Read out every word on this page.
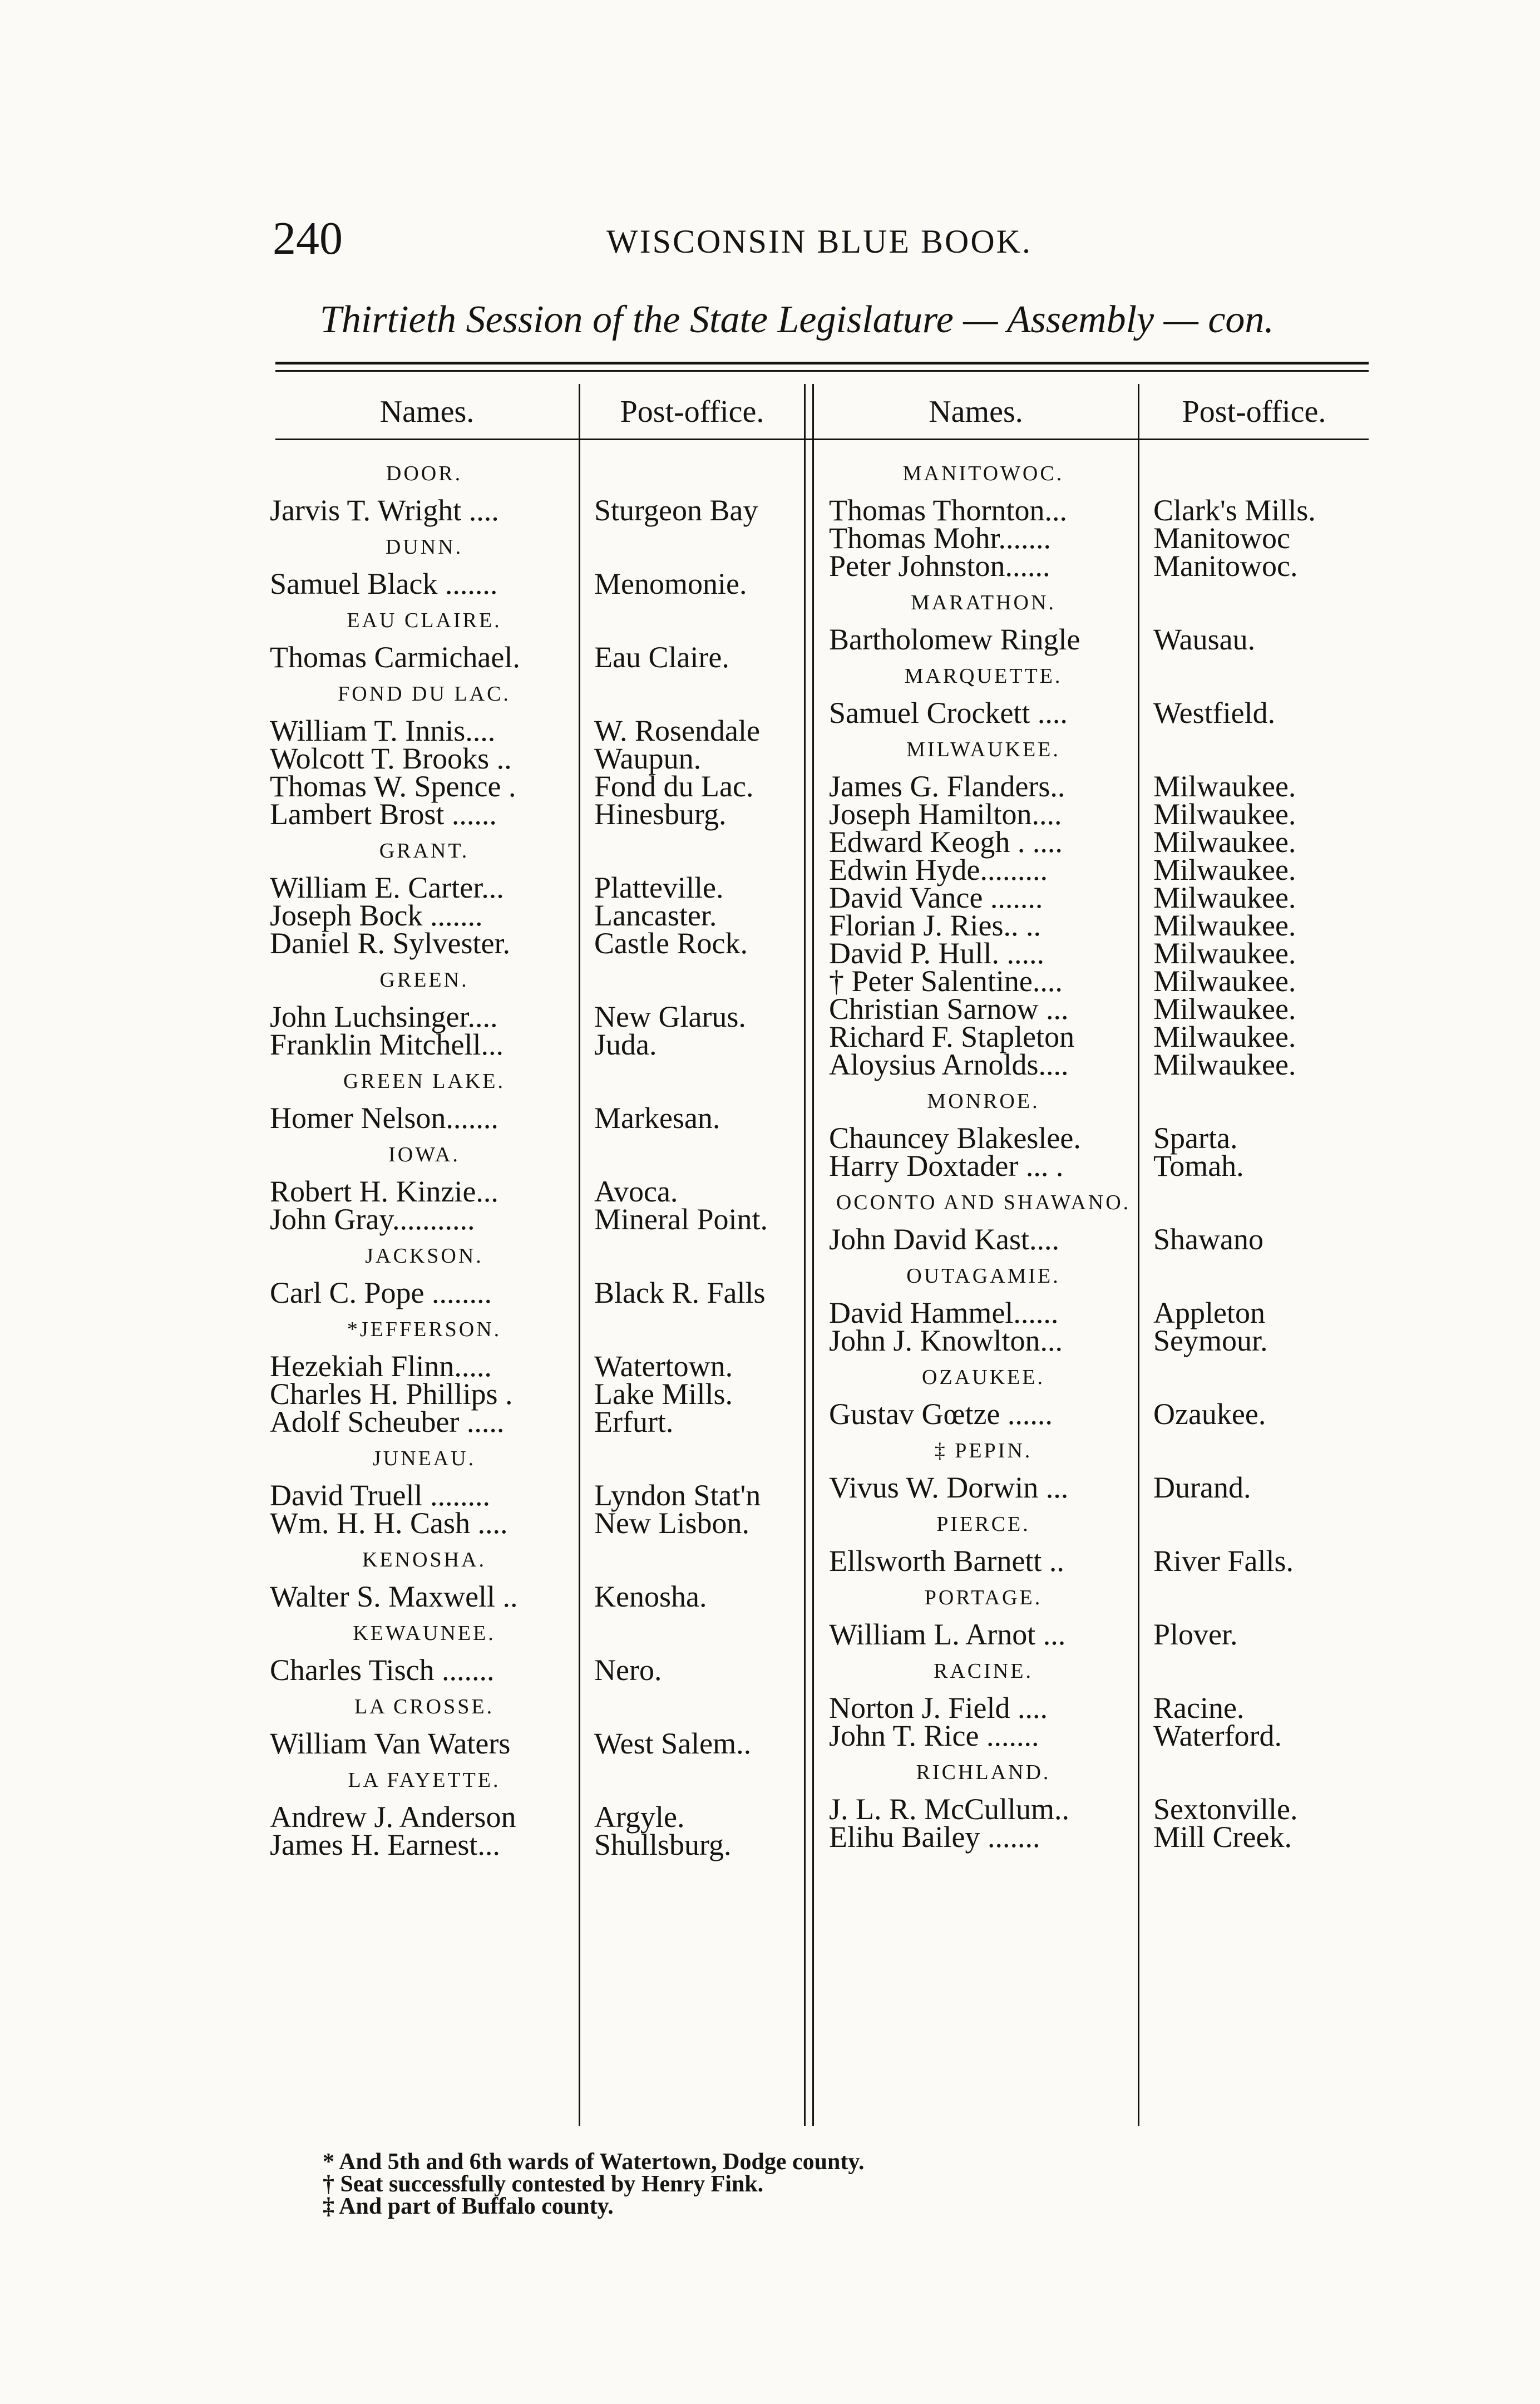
240	WISCONSIN BLUE BOOK.
Thirtieth Session of the State Legislature — Assembly — con.
Names.	Post-office.	Names.	Post-office.
DOOR.
Jarvis T. Wright ....	Sturgeon Bay
DUNN.
Samuel Black .......	Menomonie.
EAU CLAIRE.
Thomas Carmichael. Eau Claire.
FOND DU LAC.
William T. Innis....	W. Rosendale
Wolcott T. Brooks ..	Waupun.
Thomas W. Spence .	Fond du Lac.
Lambert Brost ......	Hinesburg.
GRANT.
William E. Carter...	Platteville.
Joseph Bock .......	Lancaster.
Daniel R. Sylvester.	Castle Rock.
GREEN.
John Luchsinger....	New Glarus.
Franklin Mitchell...	Juda.
GREEN LAKE.
Homer Nelson.......	Markesan.
IOWA.
Robert H. Kinzie...	Avoca.
John Gray...........	Mineral Point.
JACKSON.
Carl C. Pope ........	Black R. Falls
*JEFFERSON.
Hezekiah Flinn.....	Watertown.
Charles H. Phillips .	Lake Mills.
Adolf Scheuber .....	Erfurt.
JUNEAU.
David Truell ........	Lyndon Stat'n
Wm. H. H. Cash ....	New Lisbon.
KENOSHA.
Walter S. Maxwell ..	Kenosha.
KEWAUNEE.
Charles Tisch .......	Nero.
LA CROSSE.
William Van Waters	West Salem..
LA FAYETTE.
Andrew J. Anderson	Argyle.
James H. Earnest...	Shullsburg.
MANITOWOC.
Thomas Thornton...	Clark's Mills.
Thomas Mohr.......	Manitowoc
Peter Johnston......	Manitowoc.
MARATHON.
Bartholomew Ringle Wausau.
MARQUETTE.
Samuel Crockett ....	Westfield.
MILWAUKEE.
James G. Flanders..	Milwaukee.
Joseph Hamilton....	Milwaukee.
Edward Keogh . ....	Milwaukee.
Edwin Hyde.........	Milwaukee.
David Vance .......	Milwaukee.
Florian J. Ries.. ..	Milwaukee.
David P. Hull. .....	Milwaukee.
† Peter Salentine....	Milwaukee.
Christian Sarnow ...	Milwaukee.
Richard F. Stapleton	Milwaukee.
Aloysius Arnolds....	Milwaukee.
MONROE.
Chauncey Blakeslee. Sparta.
Harry Doxtader ... .	Tomah.
OCONTO AND SHAWANO.
John David Kast....	Shawano
OUTAGAMIE.
David Hammel......	Appleton
John J. Knowlton...	Seymour.
OZAUKEE.
Gustav Gœtze ......	Ozaukee.
‡ PEPIN.
Vivus W. Dorwin ...	Durand.
PIERCE.
Ellsworth Barnett ..	River Falls.
PORTAGE.
William L. Arnot ...	Plover.
RACINE.
Norton J. Field ....	Racine.
John T. Rice .......	Waterford.
RICHLAND.
J. L. R. McCullum..	Sextonville.
Elihu Bailey .......	Mill Creek.
* And 5th and 6th wards of Watertown, Dodge county.
† Seat successfully contested by Henry Fink.
‡ And part of Buffalo county.
